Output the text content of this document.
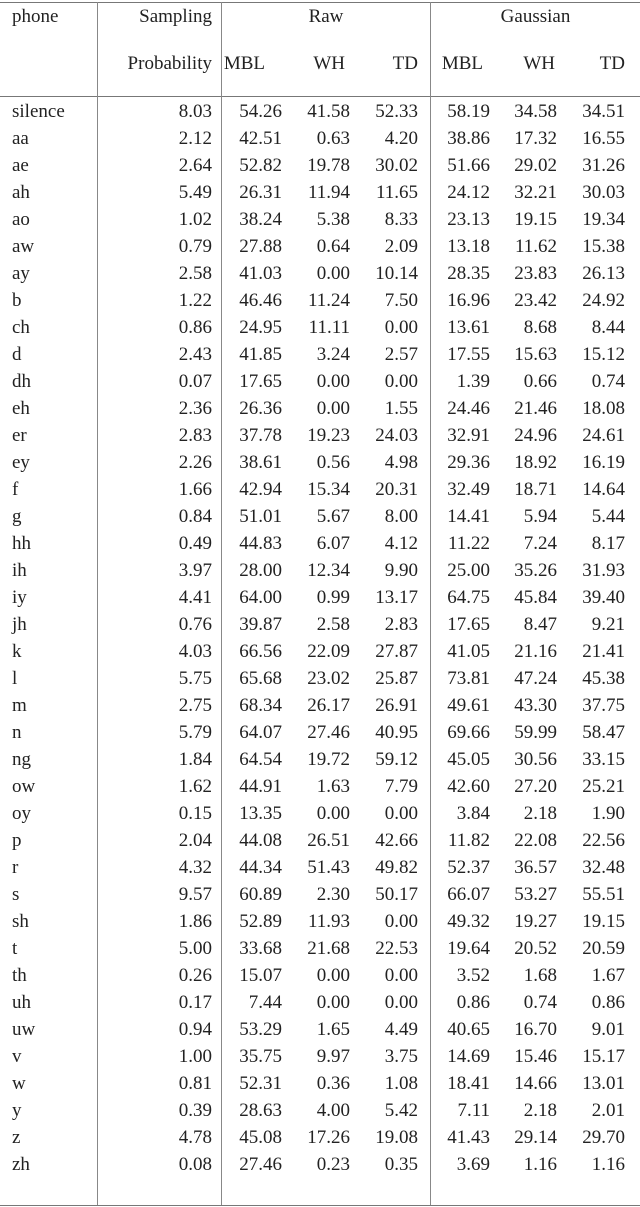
phone	Sampling
Probability
Raw	Gaussian
MBL	WH	TD	MBL	WH	TD
silence	8.03	54.26	41.58	52.33	58.19	34.58	34.51
aa	2.12	42.51	0.63	4.20	38.86	17.32	16.55
ae	2.64	52.82	19.78	30.02	51.66	29.02	31.26
ah	5.49	26.31	11.94	11.65	24.12	32.21	30.03
ao	1.02	38.24	5.38	8.33	23.13	19.15	19.34
aw	0.79	27.88	0.64	2.09	13.18	11.62	15.38
ay	2.58	41.03	0.00	10.14	28.35	23.83	26.13
b	1.22	46.46	11.24	7.50	16.96	23.42	24.92
ch	0.86	24.95	11.11	0.00	13.61	8.68	8.44
d	2.43	41.85	3.24	2.57	17.55	15.63	15.12
dh	0.07	17.65	0.00	0.00	1.39	0.66	0.74
eh	2.36	26.36	0.00	1.55	24.46	21.46	18.08
er	2.83	37.78	19.23	24.03	32.91	24.96	24.61
ey	2.26	38.61	0.56	4.98	29.36	18.92	16.19
f	1.66	42.94	15.34	20.31	32.49	18.71	14.64
g	0.84	51.01	5.67	8.00	14.41	5.94	5.44
hh	0.49	44.83	6.07	4.12	11.22	7.24	8.17
ih	3.97	28.00	12.34	9.90	25.00	35.26	31.93
iy	4.41	64.00	0.99	13.17	64.75	45.84	39.40
jh	0.76	39.87	2.58	2.83	17.65	8.47	9.21
k	4.03	66.56	22.09	27.87	41.05	21.16	21.41
l	5.75	65.68	23.02	25.87	73.81	47.24	45.38
m	2.75	68.34	26.17	26.91	49.61	43.30	37.75
n	5.79	64.07	27.46	40.95	69.66	59.99	58.47
ng	1.84	64.54	19.72	59.12	45.05	30.56	33.15
ow	1.62	44.91	1.63	7.79	42.60	27.20	25.21
oy	0.15	13.35	0.00	0.00	3.84	2.18	1.90
p	2.04	44.08	26.51	42.66	11.82	22.08	22.56
r	4.32	44.34	51.43	49.82	52.37	36.57	32.48
s	9.57	60.89	2.30	50.17	66.07	53.27	55.51
sh	1.86	52.89	11.93	0.00	49.32	19.27	19.15
t	5.00	33.68	21.68	22.53	19.64	20.52	20.59
th	0.26	15.07	0.00	0.00	3.52	1.68	1.67
uh	0.17	7.44	0.00	0.00	0.86	0.74	0.86
uw	0.94	53.29	1.65	4.49	40.65	16.70	9.01
v	1.00	35.75	9.97	3.75	14.69	15.46	15.17
w	0.81	52.31	0.36	1.08	18.41	14.66	13.01
y	0.39	28.63	4.00	5.42	7.11	2.18	2.01
z	4.78	45.08	17.26	19.08	41.43	29.14	29.70
zh	0.08	27.46	0.23	0.35	3.69	1.16	1.16
